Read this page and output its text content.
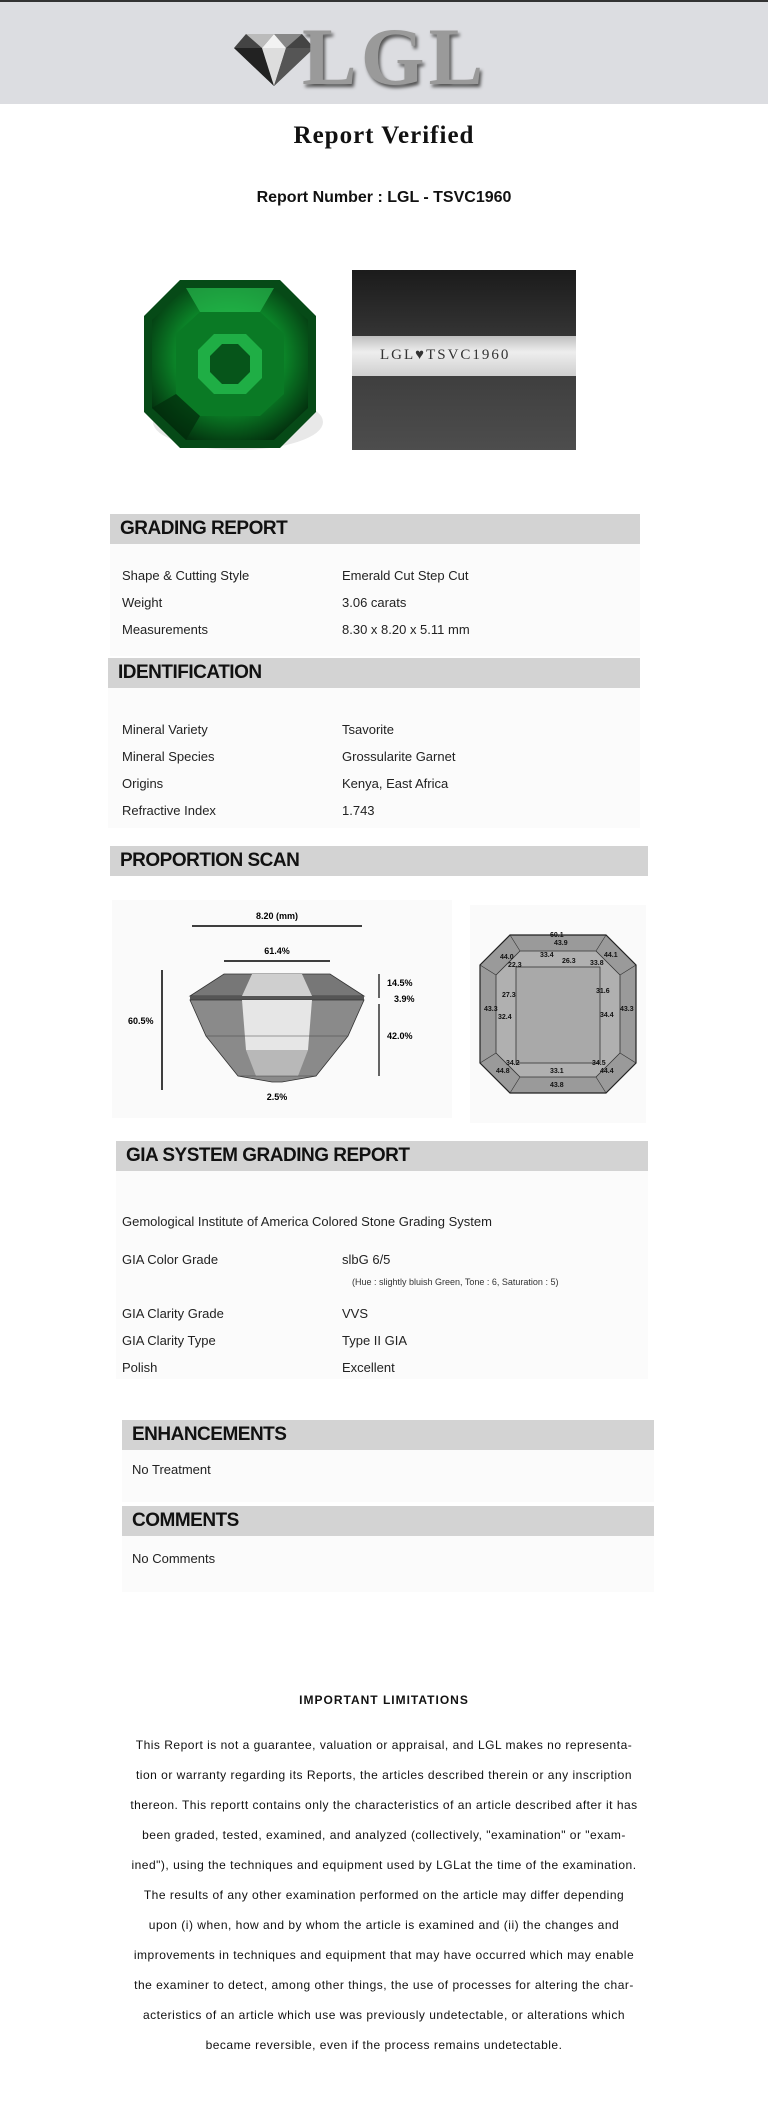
LGL
Report Verified
Report Number : LGL - TSVC1960
LGL♥TSVC1960
GRADING REPORT
Shape & Cutting Style	Emerald Cut Step Cut
Weight	3.06 carats
Measurements	8.30 x 8.20 x 5.11 mm
IDENTIFICATION
Mineral Variety	Tsavorite
Mineral Species	Grossularite Garnet
Origins	Kenya, East Africa
Refractive Index	1.743
PROPORTION SCAN
8.20 (mm)
61.4%
60.5%
14.5%
3.9%
42.0%
2.5%
60.1
43.9
44.0
22.3
33.4
26.3
44.1
33.8
27.3
43.3
32.4
31.6
34.4
43.3
34.2
44.8	33.1
43.8
34.5
44.4
GIA SYSTEM GRADING REPORT
Gemological Institute of America Colored Stone Grading System
GIA Color Grade	slbG 6/5
(Hue : slightly bluish Green, Tone : 6, Saturation : 5)
GIA Clarity Grade	VVS
GIA Clarity Type	Type II GIA
Polish	Excellent
ENHANCEMENTS
No Treatment
COMMENTS
No Comments
IMPORTANT LIMITATIONS
This Report is not a guarantee, valuation or appraisal, and LGL makes no representa-
tion or warranty regarding its Reports, the articles described therein or any inscription
thereon. This reportt contains only the characteristics of an article described after it has
been graded, tested, examined, and analyzed (collectively, "examination" or "exam-
ined"), using the techniques and equipment used by LGLat the time of the examination.
The results of any other examination performed on the article may differ depending
upon (i) when, how and by whom the article is examined and (ii) the changes and
improvements in techniques and equipment that may have occurred which may enable
the examiner to detect, among other things, the use of processes for altering the char-
acteristics of an article which use was previously undetectable, or alterations which
became reversible, even if the process remains undetectable.
